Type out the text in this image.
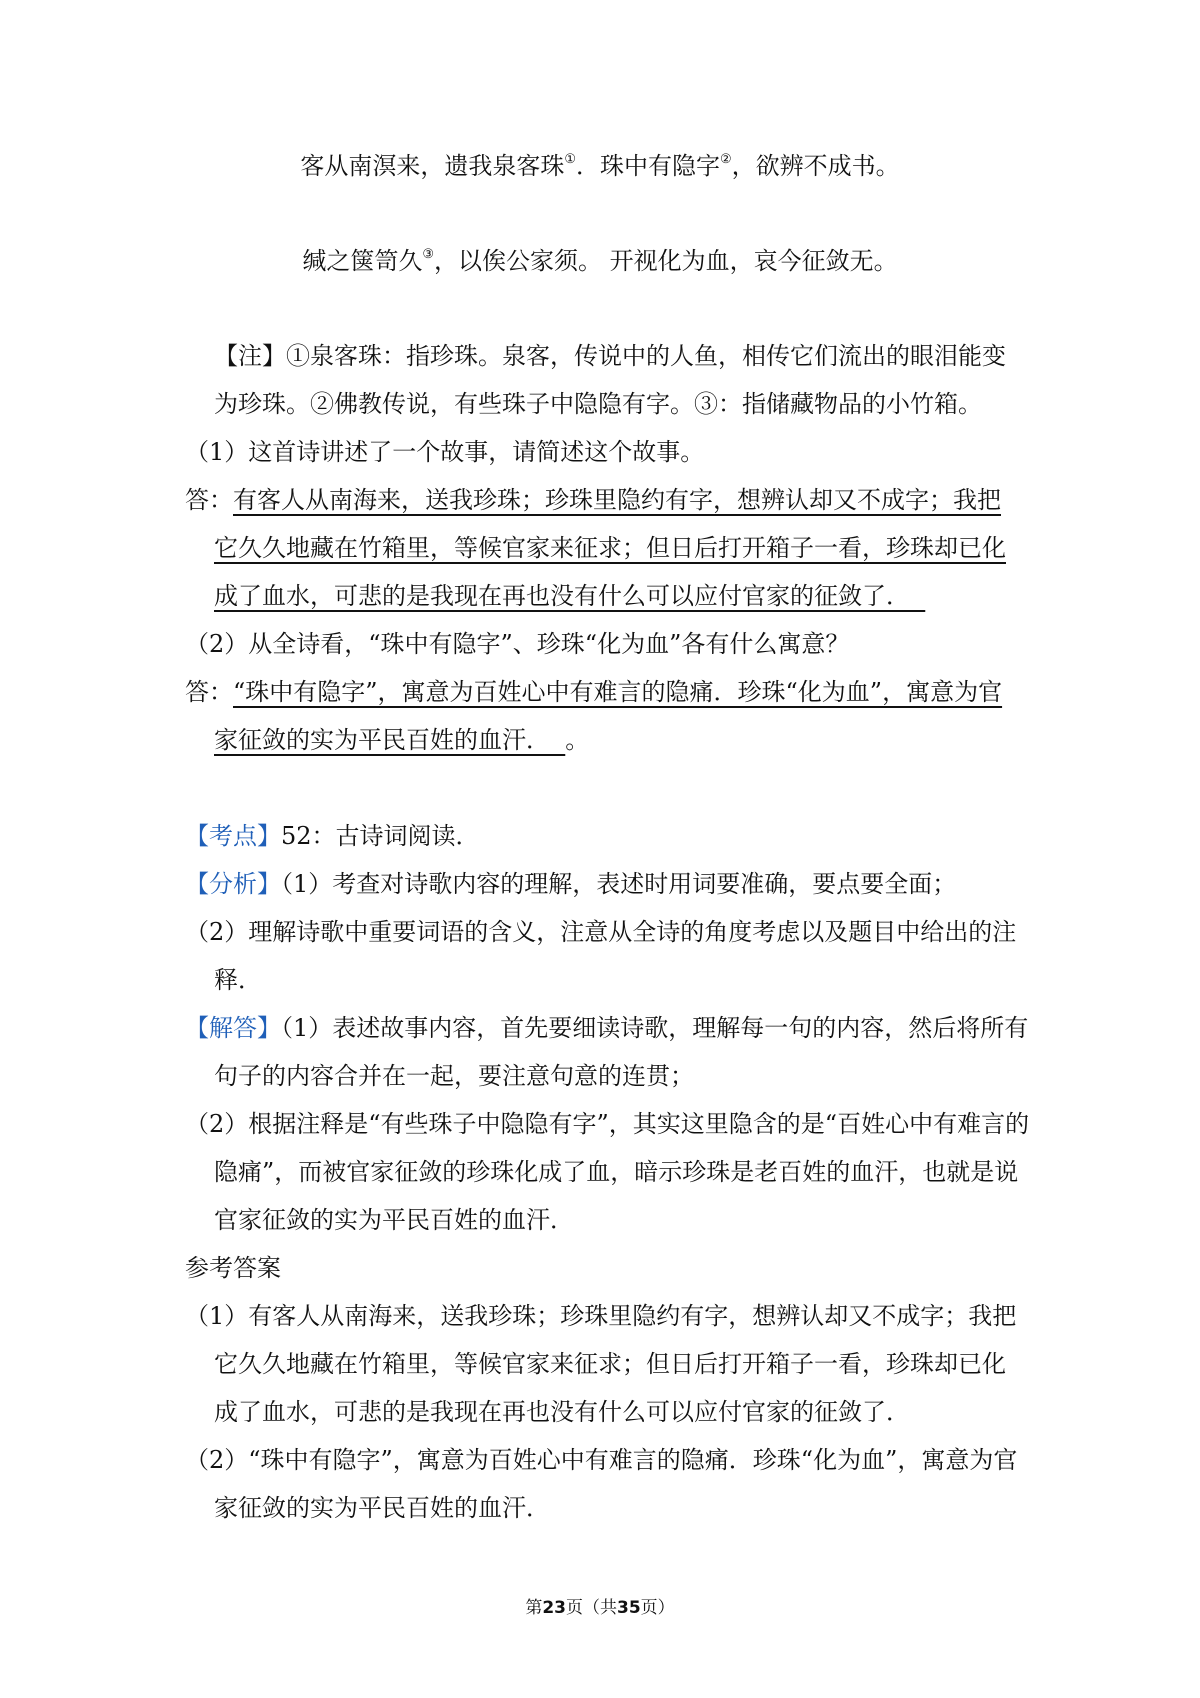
客从南溟来，遗我泉客珠①．珠中有隐字②，欲辨不成书。
缄之箧笥久③，以俟公家须。 开视化为血，哀今征敛无。
【注】①泉客珠：指珍珠。泉客，传说中的人鱼，相传它们流出的眼泪能变
为珍珠。②佛教传说，有些珠子中隐隐有字。③：指储藏物品的小竹箱。
（1）这首诗讲述了一个故事，请简述这个故事。
答： 有客人从南海来，送我珍珠；珍珠里隐约有字，想辨认却又不成字；我把
它久久地藏在竹箱里，等候官家来征求；但日后打开箱子一看，珍珠却已化
成了血水，可悲的是我现在再也没有什么可以应付官家的征敛了．
（2）从全诗看，“珠中有隐字”、珍珠“化为血”各有什么寓意？
答： “珠中有隐字”，寓意为百姓心中有难言的隐痛．珍珠“化为血”，寓意为官
家征敛的实为平民百姓的血汗．  。
【考点】52：古诗词阅读．
【分析】（1）考查对诗歌内容的理解，表述时用词要准确，要点要全面；
（2）理解诗歌中重要词语的含义，注意从全诗的角度考虑以及题目中给出的注
释．
【解答】（1）表述故事内容，首先要细读诗歌，理解每一句的内容，然后将所有
句子的内容合并在一起，要注意句意的连贯；
（2）根据注释是“有些珠子中隐隐有字”，其实这里隐含的是“百姓心中有难言的
隐痛”，而被官家征敛的珍珠化成了血，暗示珍珠是老百姓的血汗，也就是说
官家征敛的实为平民百姓的血汗．
参考答案
（1）有客人从南海来，送我珍珠；珍珠里隐约有字，想辨认却又不成字；我把
它久久地藏在竹箱里，等候官家来征求；但日后打开箱子一看，珍珠却已化
成了血水，可悲的是我现在再也没有什么可以应付官家的征敛了．
（2）“珠中有隐字”，寓意为百姓心中有难言的隐痛．珍珠“化为血”，寓意为官
家征敛的实为平民百姓的血汗．
第23页（共35页）
